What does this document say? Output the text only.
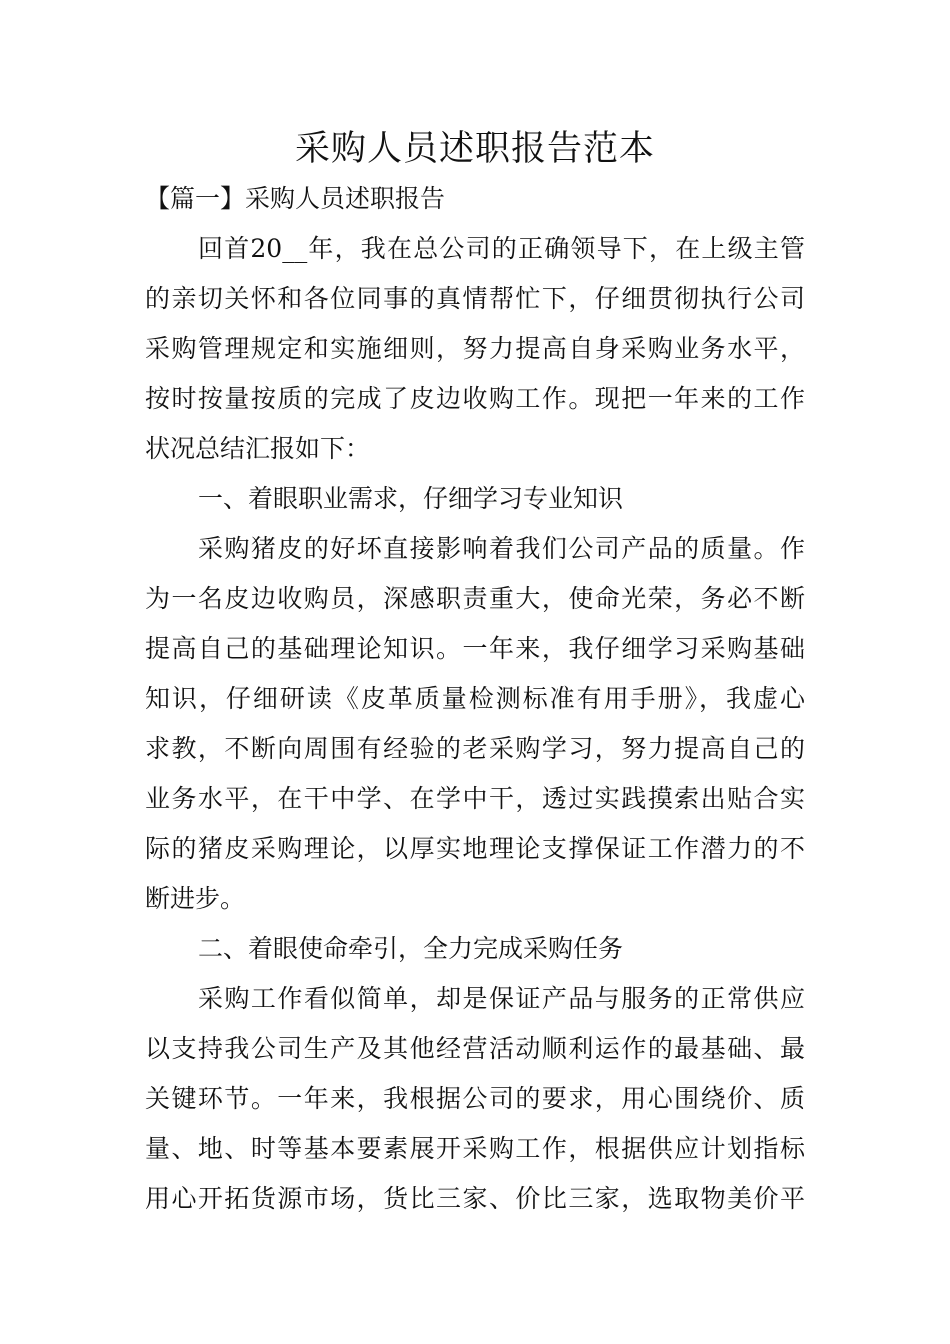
采购人员述职报告范本
【篇一】采购人员述职报告
回首20__年，我在总公司的正确领导下，在上级主管
的亲切关怀和各位同事的真情帮忙下，仔细贯彻执行公司
采购管理规定和实施细则，努力提高自身采购业务水平，
按时按量按质的完成了皮边收购工作。现把一年来的工作
状况总结汇报如下：
一、着眼职业需求，仔细学习专业知识
采购猪皮的好坏直接影响着我们公司产品的质量。作
为一名皮边收购员，深感职责重大，使命光荣，务必不断
提高自己的基础理论知识。一年来，我仔细学习采购基础
知识，仔细研读《皮革质量检测标准有用手册》，我虚心
求教，不断向周围有经验的老采购学习，努力提高自己的
业务水平，在干中学、在学中干，透过实践摸索出贴合实
际的猪皮采购理论，以厚实地理论支撑保证工作潜力的不
断进步。
二、着眼使命牵引，全力完成采购任务
采购工作看似简单，却是保证产品与服务的正常供应
以支持我公司生产及其他经营活动顺利运作的最基础、最
关键环节。一年来，我根据公司的要求，用心围绕价、质
量、地、时等基本要素展开采购工作，根据供应计划指标
用心开拓货源市场，货比三家、价比三家，选取物美价平
